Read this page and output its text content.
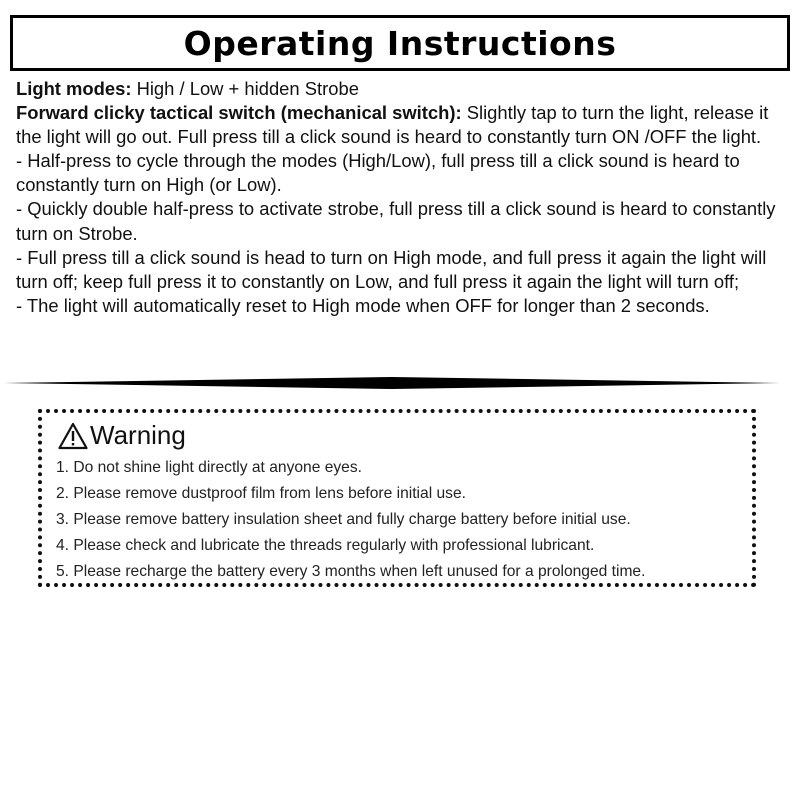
Operating Instructions

Light modes: High / Low + hidden Strobe

Forward clicky tactical switch (mechanical switch): Slightly tap to turn the light, release it the light will go out. Full press till a click sound is heard to constantly turn ON /OFF the light.

- Half-press to cycle through the modes (High/Low), full press till a click sound is heard to constantly turn on High (or Low).

- Quickly double half-press to activate strobe, full press till a click sound is heard to constantly turn on Strobe.

- Full press till a click sound is head to turn on High mode, and full press it again the light will turn off; keep full press it to constantly on Low, and full press it again the light will turn off;

- The light will automatically reset to High mode when OFF for longer than 2 seconds.

Warning
1. Do not shine light directly at anyone eyes.
2. Please remove dustproof film from lens before initial use.
3. Please remove battery insulation sheet and fully charge battery before initial use.
4. Please check and lubricate the threads regularly with professional lubricant.
5. Please recharge the battery every 3 months when left unused for a prolonged time.
